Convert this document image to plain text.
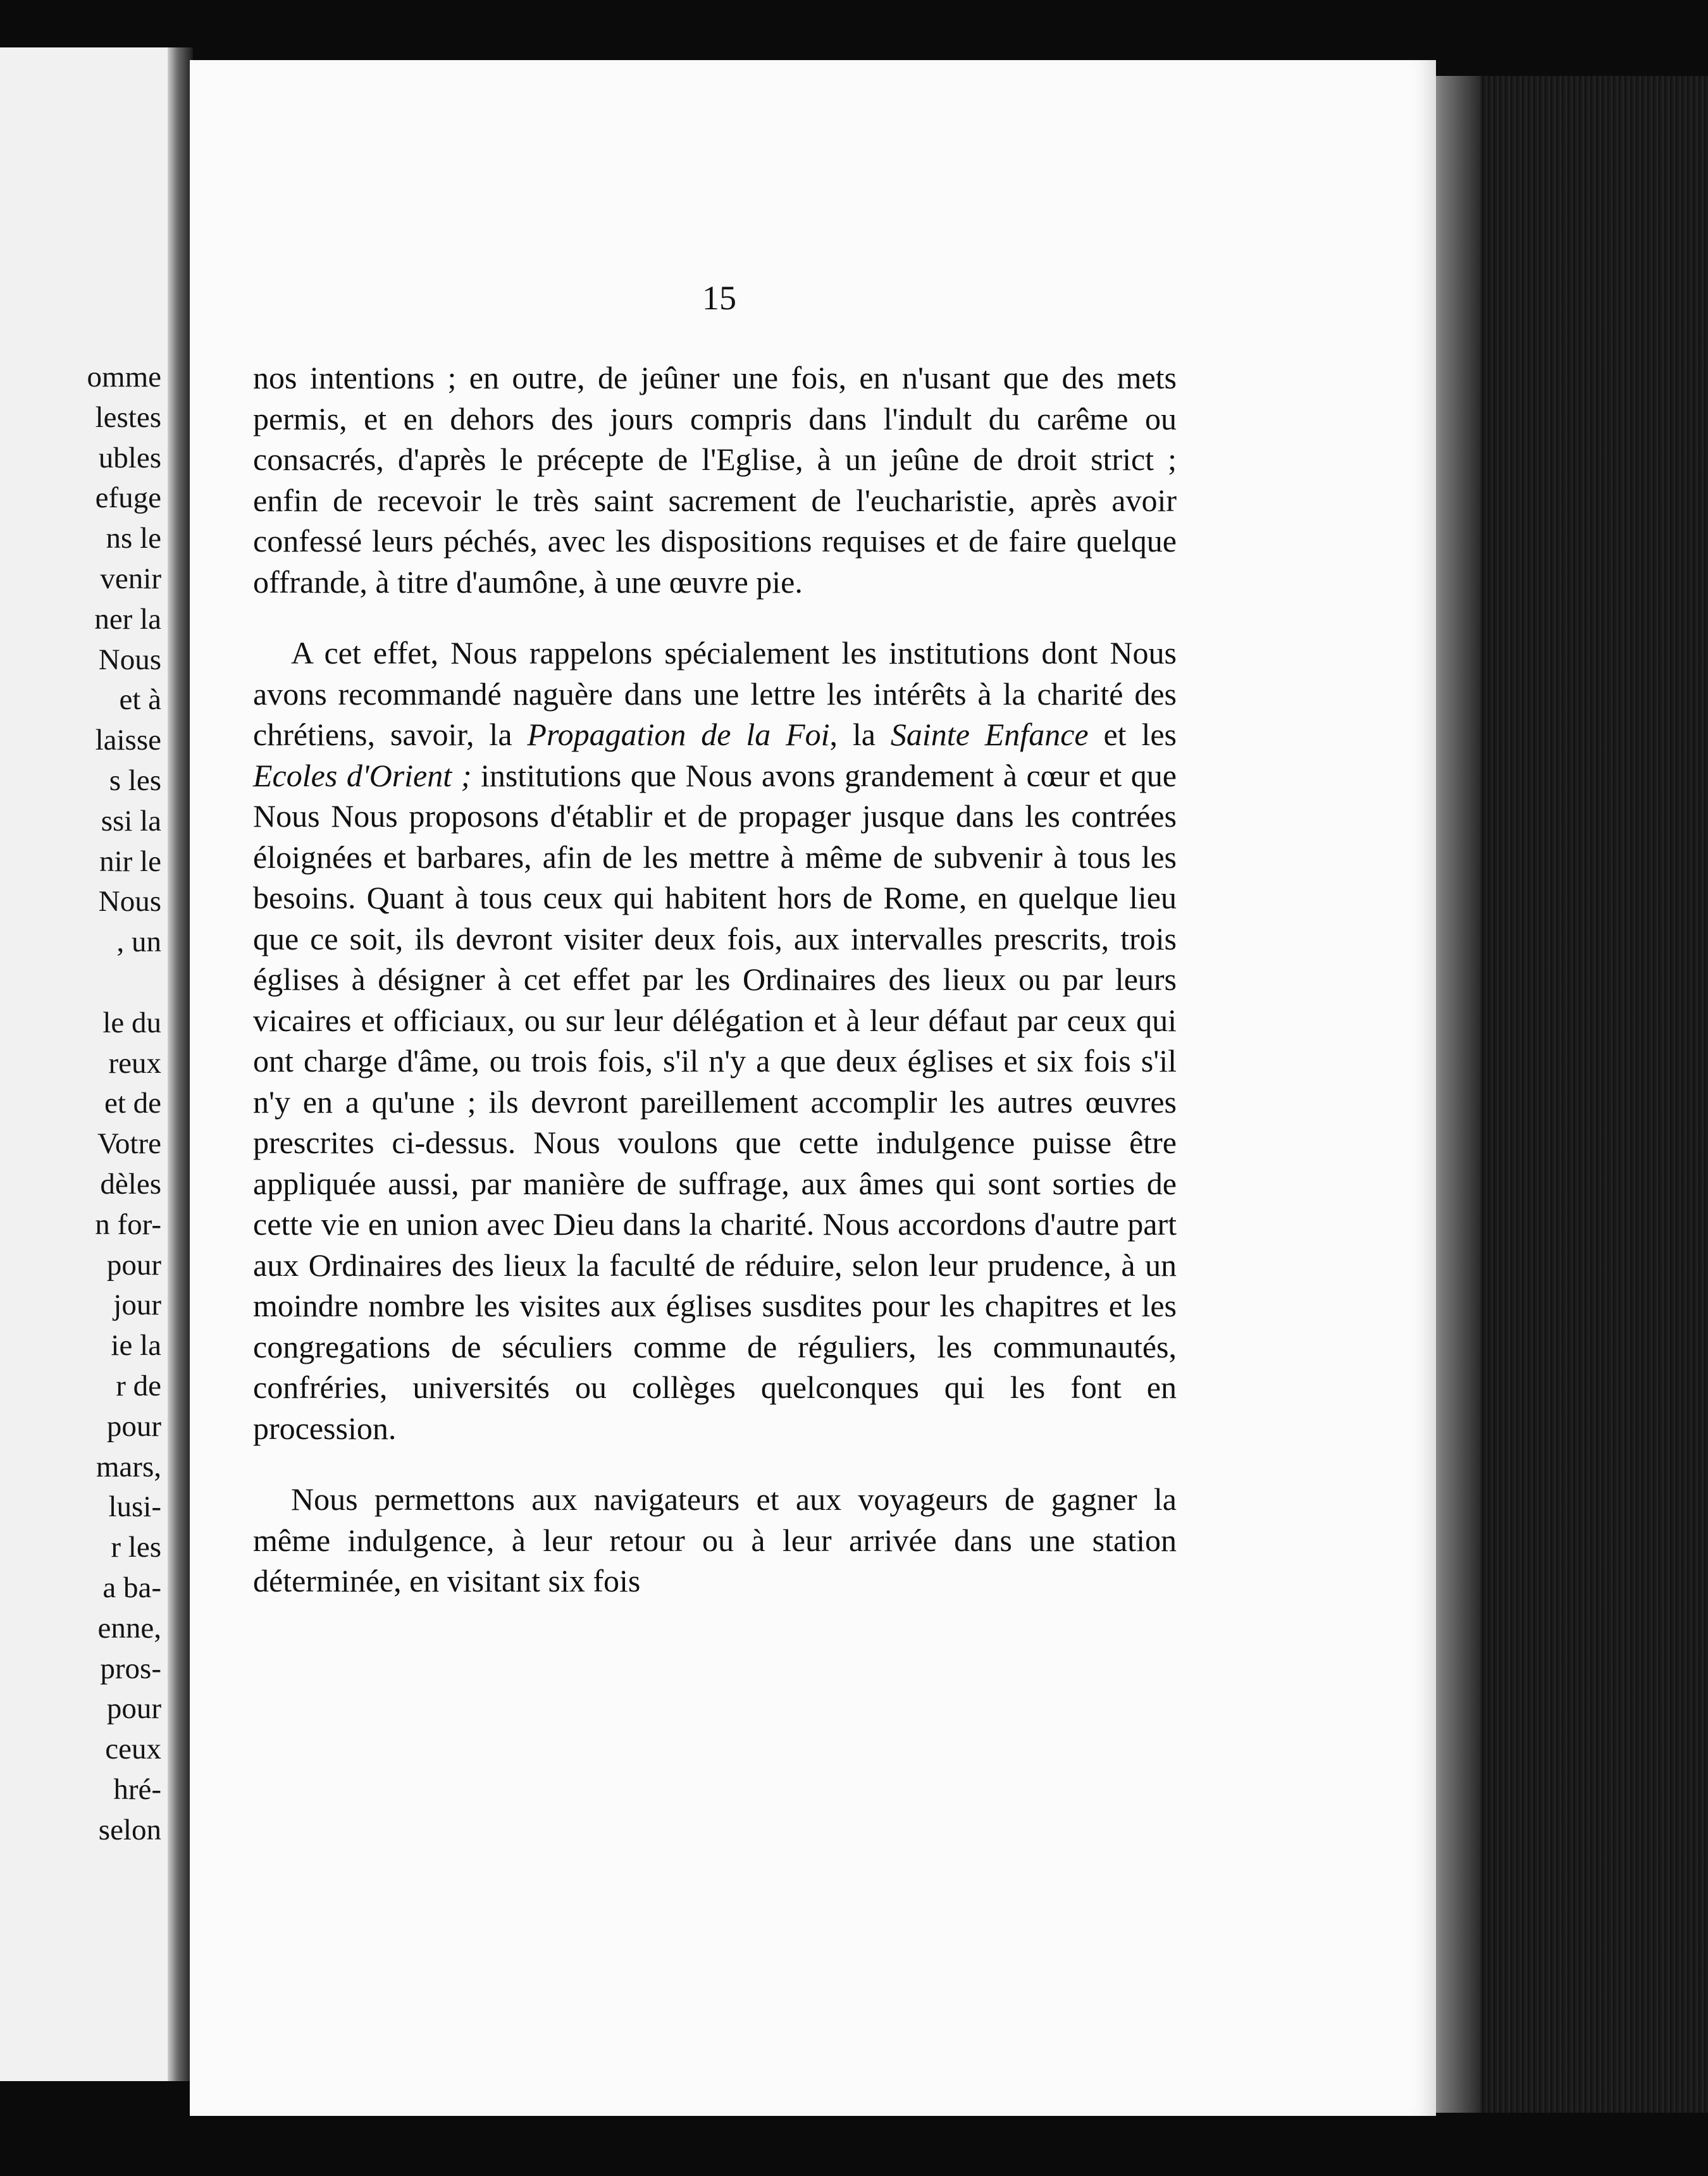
omme
lestes
ubles
efuge
ns le
venir
ner la
Nous
et à
laisse
s les
ssi la
nir le
Nous
, un
le du
reux
et de
Votre
dèles
n for-
pour
jour
ie la
r de
pour
mars,
lusi-
r les
a ba-
enne,
pros-
pour
ceux
hré-
selon
15

nos intentions ; en outre, de jeûner une fois, en n'usant que des mets permis, et en dehors des jours compris dans l'indult du carême ou consacrés, d'après le précepte de l'Eglise, à un jeûne de droit strict ; enfin de recevoir le très saint sacrement de l'eucharistie, après avoir confessé leurs péchés, avec les dispositions requises et de faire quelque offrande, à titre d'aumône, à une œuvre pie.

A cet effet, Nous rappelons spécialement les institutions dont Nous avons recommandé naguère dans une lettre les intérêts à la charité des chrétiens, savoir, la Propagation de la Foi, la Sainte Enfance et les Ecoles d'Orient ; institutions que Nous avons grandement à cœur et que Nous Nous proposons d'établir et de propager jusque dans les contrées éloignées et barbares, afin de les mettre à même de subvenir à tous les besoins. Quant à tous ceux qui habitent hors de Rome, en quelque lieu que ce soit, ils devront visiter deux fois, aux intervalles prescrits, trois églises à désigner à cet effet par les Ordinaires des lieux ou par leurs vicaires et officiaux, ou sur leur délégation et à leur défaut par ceux qui ont charge d'âme, ou trois fois, s'il n'y a que deux églises et six fois s'il n'y en a qu'une ; ils devront pareillement accomplir les autres œuvres prescrites ci-dessus. Nous voulons que cette indulgence puisse être appliquée aussi, par manière de suffrage, aux âmes qui sont sorties de cette vie en union avec Dieu dans la charité. Nous accordons d'autre part aux Ordinaires des lieux la faculté de réduire, selon leur prudence, à un moindre nombre les visites aux églises susdites pour les chapitres et les congregations de séculiers comme de réguliers, les communautés, confréries, universités ou collèges quelconques qui les font en procession.

Nous permettons aux navigateurs et aux voyageurs de gagner la même indulgence, à leur retour ou à leur arrivée dans une station déterminée, en visitant six fois
